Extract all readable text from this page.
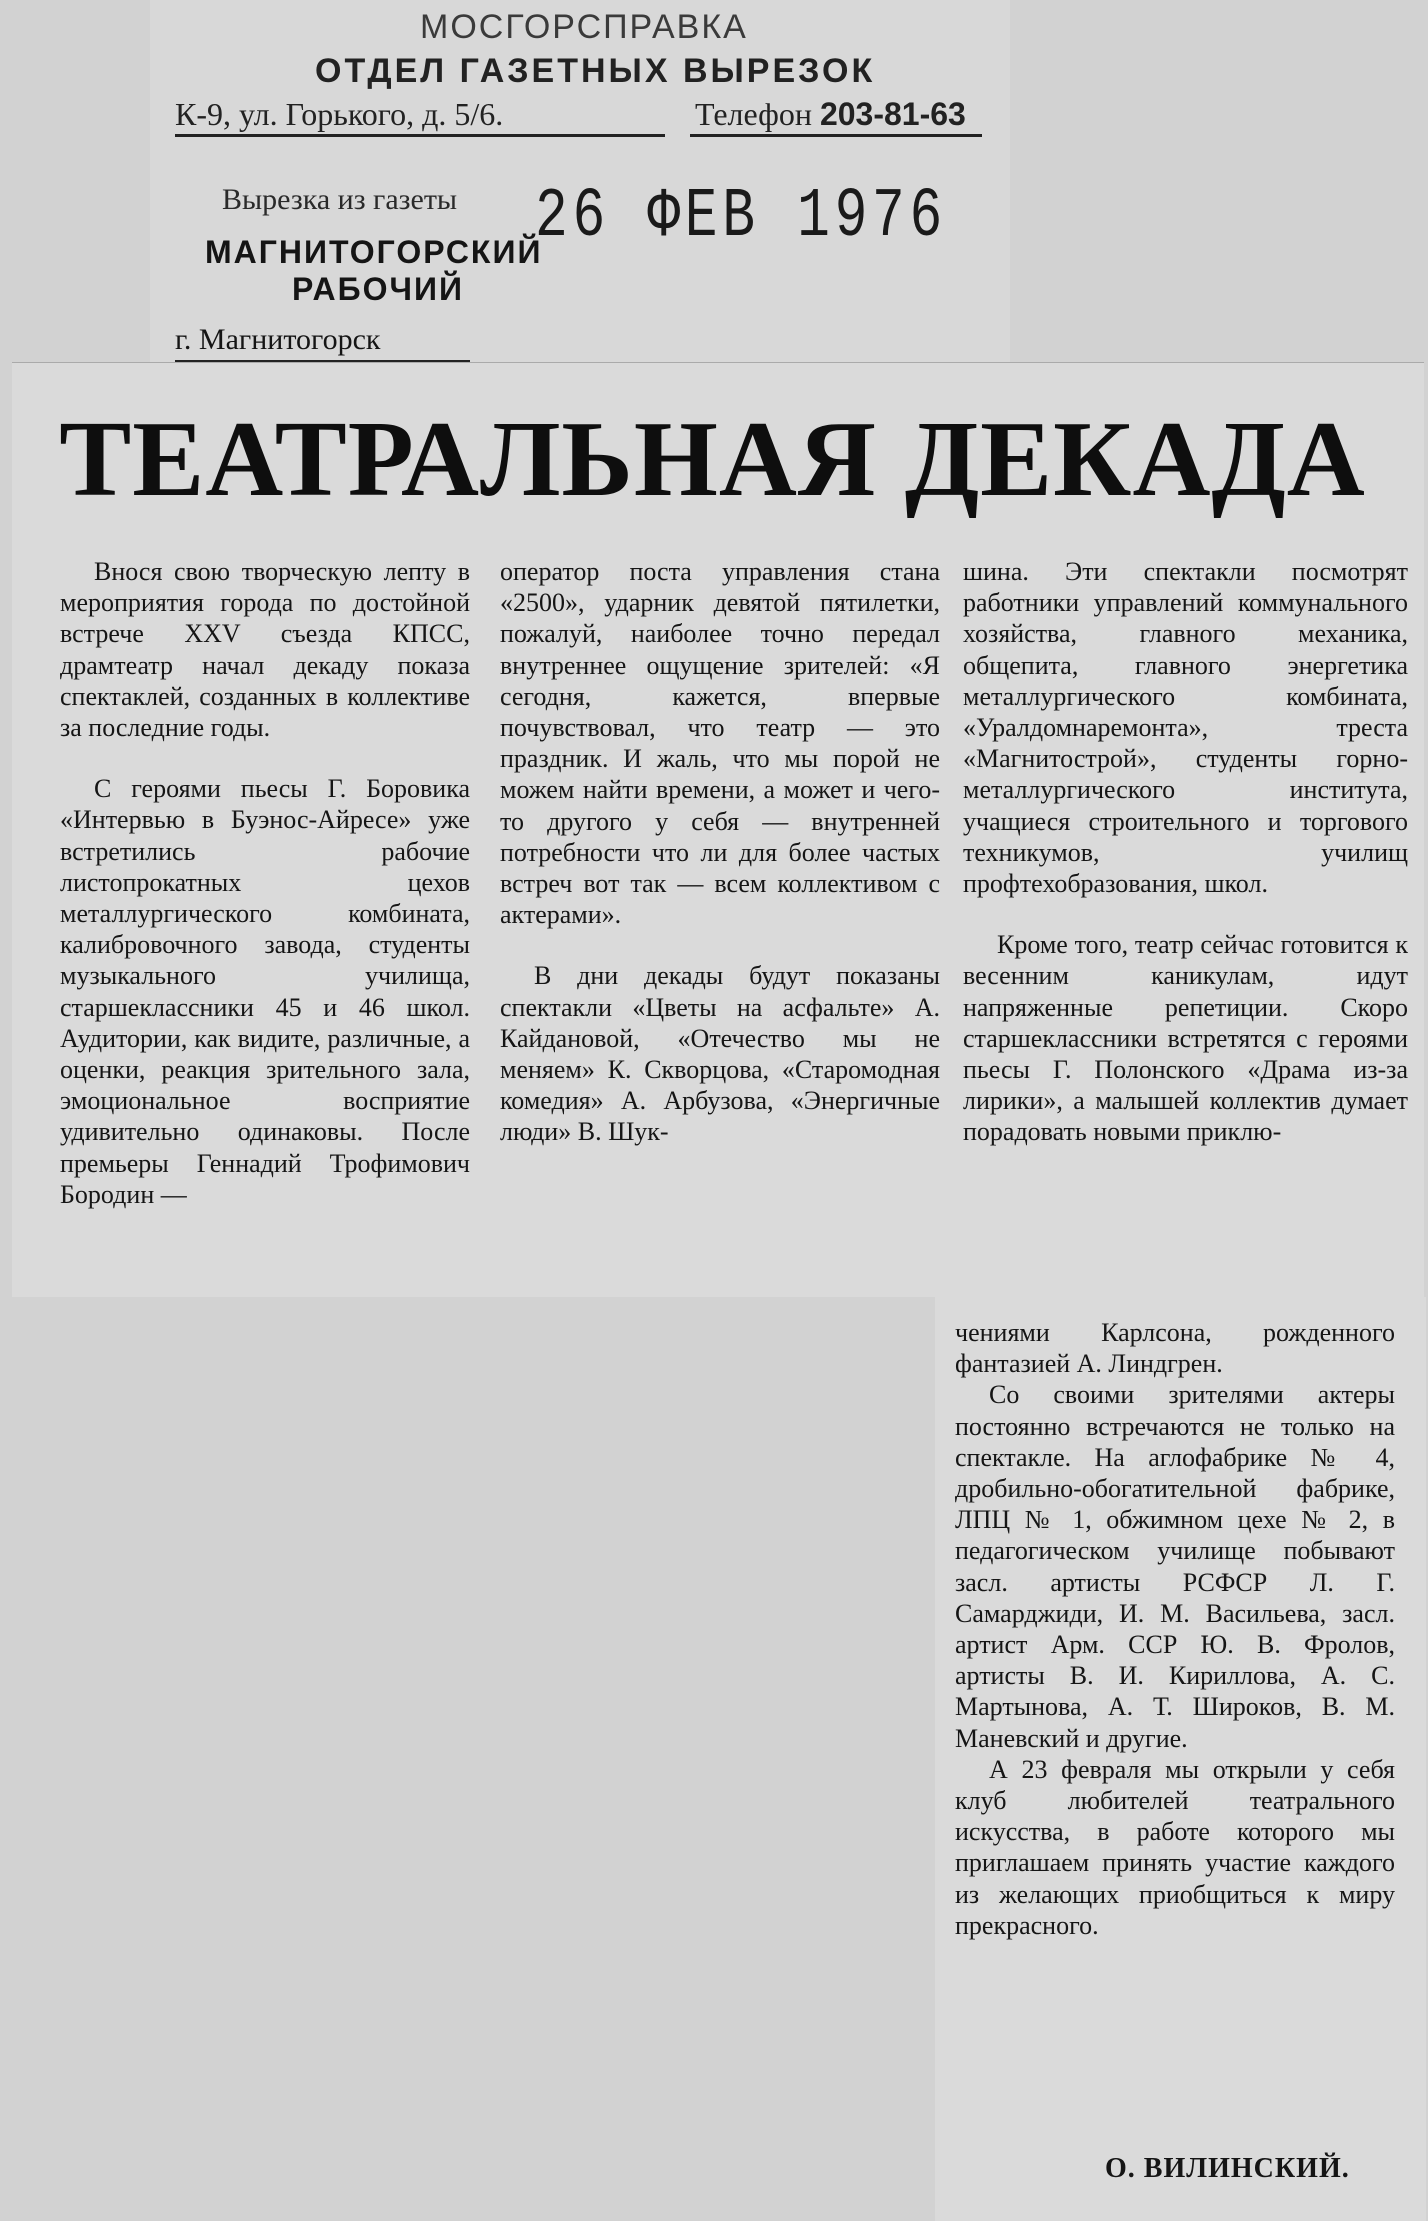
МОСГОРСПРАВКА
ОТДЕЛ ГАЗЕТНЫХ ВЫРЕЗОК
К-9, ул. Горького, д. 5/6.	Телефон 203-81-63
Вырезка из газеты 26 ФЕВ 1976
МАГНИТОГОРСКИЙ
РАБОЧИЙ
г. Магнитогорск
ТЕАТРАЛЬНАЯ ДЕКАДА

Внося свою творческую лепту в мероприятия города по достойной встрече XXV съезда КПСС, драмтеатр начал декаду показа спектаклей, созданных в коллективе за последние годы.

С героями пьесы Г. Боровика «Интервью в Буэнос-Айресе» уже встретились рабочие листопрокатных цехов металлургического комбината, калибровочного завода, студенты музыкального училища, старшеклассники 45 и 46 школ. Аудитории, как видите, различные, а оценки, реакция зрительного зала, эмоциональное восприятие удивительно одинаковы. После премьеры Геннадий Трофимович Бородин —

оператор поста управления стана «2500», ударник девятой пятилетки, пожалуй, наиболее точно передал внутреннее ощущение зрителей: «Я сегодня, кажется, впервые почувствовал, что театр — это праздник. И жаль, что мы порой не можем найти времени, а может и чего-то другого у себя — внутренней потребности что ли для более частых встреч вот так — всем коллективом с актерами».

В дни декады будут показаны спектакли «Цветы на асфальте» А. Кайдановой, «Отечество мы не меняем» К. Скворцова, «Старомодная комедия» А. Арбузова, «Энергичные люди» В. Шук-

шина. Эти спектакли посмотрят работники управлений коммунального хозяйства, главного механика, общепита, главного энергетика металлургического комбината, «Уралдомнаремонта», треста «Магнитострой», студенты горно-металлургического института, учащиеся строительного и торгового техникумов, училищ профтехобразования, школ.

Кроме того, театр сейчас готовится к весенним каникулам, идут напряженные репетиции. Скоро старшеклассники встретятся с героями пьесы Г. Полонского «Драма из-за лирики», а малышей коллектив думает порадовать новыми приклю-

чениями Карлсона, рожденного фантазией А. Линдгрен.

Со своими зрителями актеры постоянно встречаются не только на спектакле. На аглофабрике № 4, дробильно-обогатительной фабрике, ЛПЦ № 1, обжимном цехе № 2, в педагогическом училище побывают засл. артисты РСФСР Л. Г. Самарджиди, И. М. Васильева, засл. артист Арм. ССР Ю. В. Фролов, артисты В. И. Кириллова, А. С. Мартынова, А. Т. Широков, В. М. Маневский и другие.

А 23 февраля мы открыли у себя клуб любителей театрального искусства, в работе которого мы приглашаем принять участие каждого из желающих приобщиться к миру прекрасного.

О. ВИЛИНСКИЙ.
